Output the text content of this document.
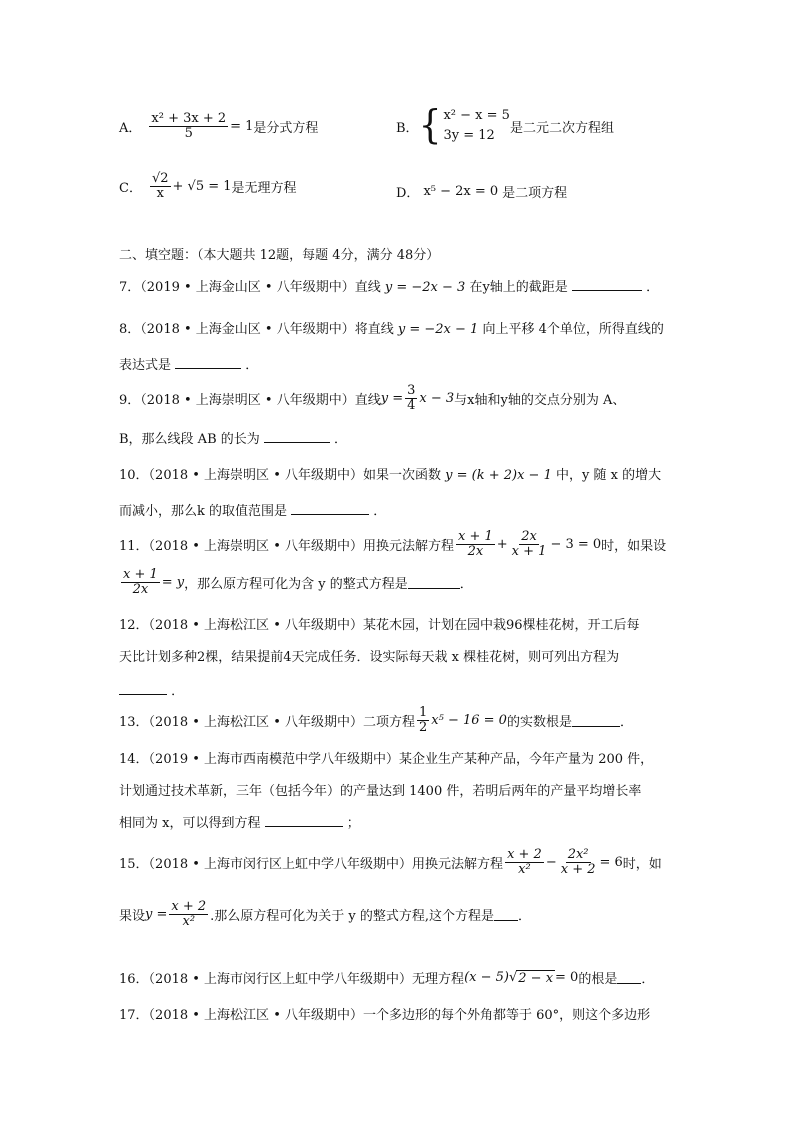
A． $\frac{\text{x² + 3x + 2}}{5} = 1$ 是分式方程	B． { x² − x = 5
3y = 12	是二元二次方程组
C． $\frac{√2}{x} + √5 = 1$ 是无理方程	D． x⁵ − 2x = 0 是二项方程
二、填空题：（本大题共 12题，每题 4分，满分 48分）
7．（2019 • 上海金山区 • 八年级期中）直线 y = −2x − 3 在y轴上的截距是	．
8．（2018 • 上海金山区 • 八年级期中）将直线 y = −2x − 1 向上平移 4个单位，所得直线的
表达式是	．
9．（2018 • 上海崇明区 • 八年级期中）直线 $y = \frac{3}{4}$ x − 3 与x轴和y轴的交点分别为 A、
B，那么线段 AB 的长为	．
10．（2018 • 上海崇明区 • 八年级期中）如果一次函数 y = (k + 2)x − 1 中，y 随 x 的增大
而减小，那么k 的取值范围是	．
11．（2018 • 上海崇明区 • 八年级期中）用换元法解方程 $\frac{x + 1}{2x} + \frac{2x}{x + 1} - 3 = 0$ 时，如果设
$\frac{x + 1}{2x} = y$ ，那么原方程可化为含 y 的整式方程是	．
12．（2018 • 上海松江区 • 八年级期中）某花木园，计划在园中栽96棵桂花树，开工后每
天比计划多种2棵，结果提前4天完成任务．设实际每天栽 x 棵桂花树，则可列出方程为
．
13．（2018 • 上海松江区 • 八年级期中）二项方程 $\frac{1}{2} x^5 - 16 = 0$ 的实数根是	．
14．（2019 • 上海市西南模范中学八年级期中）某企业生产某种产品，今年产量为 200 件，
计划通过技术革新，三年（包括今年）的产量达到 1400 件，若明后两年的产量平均增长率
相同为 x，可以得到方程	；
15．（2018 • 上海市闵行区上虹中学八年级期中）用换元法解方程 $\frac{x + 2}{\text{x²}} - \frac{\text{2x²}}{x + 2} = 6$ 时，如
果设 $y = \frac{x + 2}{\text{x²}}$ .那么原方程可化为关于 y 的整式方程,这个方程是 ．
16．（2018 • 上海市闵行区上虹中学八年级期中）无理方程 (x − 5) √ 2 − x = 0 的根是 ．
17．（2018 • 上海松江区 • 八年级期中）一个多边形的每个外角都等于 60°，则这个多边形
